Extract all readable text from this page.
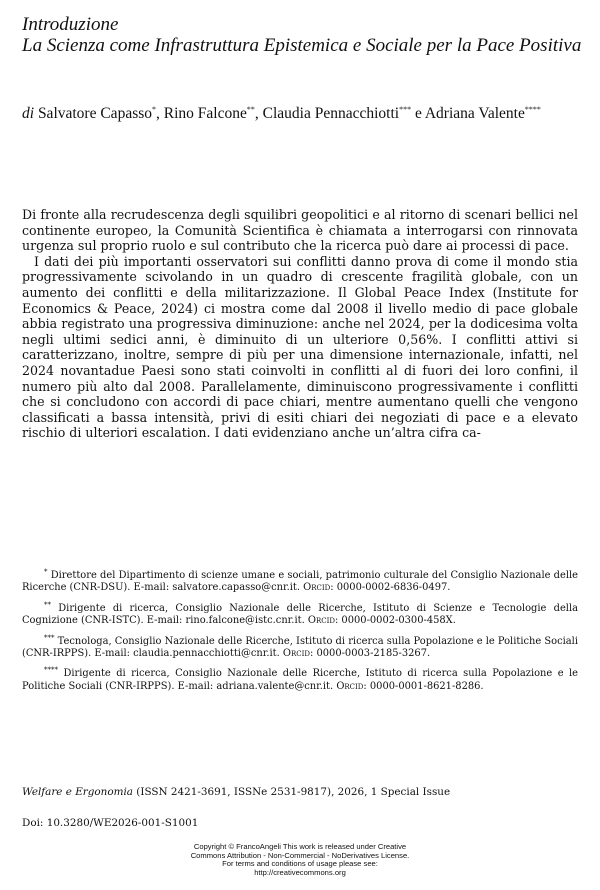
Introduzione
La Scienza come Infrastruttura Epistemica e Sociale per la Pace Positiva

di Salvatore Capasso*, Rino Falcone**, Claudia Pennacchiotti*** e Adriana Valente****

Di fronte alla recrudescenza degli squilibri geopolitici e al ritorno di scenari bellici nel continente europeo, la Comunità Scientifica è chiamata a interrogarsi con rinnovata urgenza sul proprio ruolo e sul contributo che la ricerca può dare ai processi di pace.

I dati dei più importanti osservatori sui conflitti danno prova di come il mondo stia progressivamente scivolando in un quadro di crescente fragilità globale, con un aumento dei conflitti e della militarizzazione. Il Global Peace Index (Institute for Economics & Peace, 2024) ci mostra come dal 2008 il livello medio di pace globale abbia registrato una progressiva diminuzione: anche nel 2024, per la dodicesima volta negli ultimi sedici anni, è diminuito di un ulteriore 0,56%. I conflitti attivi si caratterizzano, inoltre, sempre di più per una dimensione internazionale, infatti, nel 2024 novantadue Paesi sono stati coinvolti in conflitti al di fuori dei loro confini, il numero più alto dal 2008. Parallelamente, diminuiscono progressivamente i conflitti che si concludono con accordi di pace chiari, mentre aumentano quelli che vengono classificati a bassa intensità, privi di esiti chiari dei negoziati di pace e a elevato rischio di ulteriori escalation. I dati evidenziano anche un’altra cifra ca-

* Direttore del Dipartimento di scienze umane e sociali, patrimonio culturale del Consiglio Nazionale delle Ricerche (CNR-DSU). E-mail: salvatore.capasso@cnr.it. Orcid: 0000-0002-6836-0497.

** Dirigente di ricerca, Consiglio Nazionale delle Ricerche, Istituto di Scienze e Tecnologie della Cognizione (CNR-ISTC). E-mail: rino.falcone@istc.cnr.it. Orcid: 0000-0002-0300-458X.

*** Tecnologa, Consiglio Nazionale delle Ricerche, Istituto di ricerca sulla Popolazione e le Politiche Sociali (CNR-IRPPS). E-mail: claudia.pennacchiotti@cnr.it. Orcid: 0000-0003-2185-3267.

**** Dirigente di ricerca, Consiglio Nazionale delle Ricerche, Istituto di ricerca sulla Popolazione e le Politiche Sociali (CNR-IRPPS). E-mail: adriana.valente@cnr.it. Orcid: 0000-0001-8621-8286.

Welfare e Ergonomia (ISSN 2421-3691, ISSNe 2531-9817), 2026, 1 Special Issue

Doi: 10.3280/WE2026-001-S1001

Copyright © FrancoAngeli This work is released under Creative
Commons Attribution - Non-Commercial - NoDerivatives License.
For terms and conditions of usage please see:
http://creativecommons.org
